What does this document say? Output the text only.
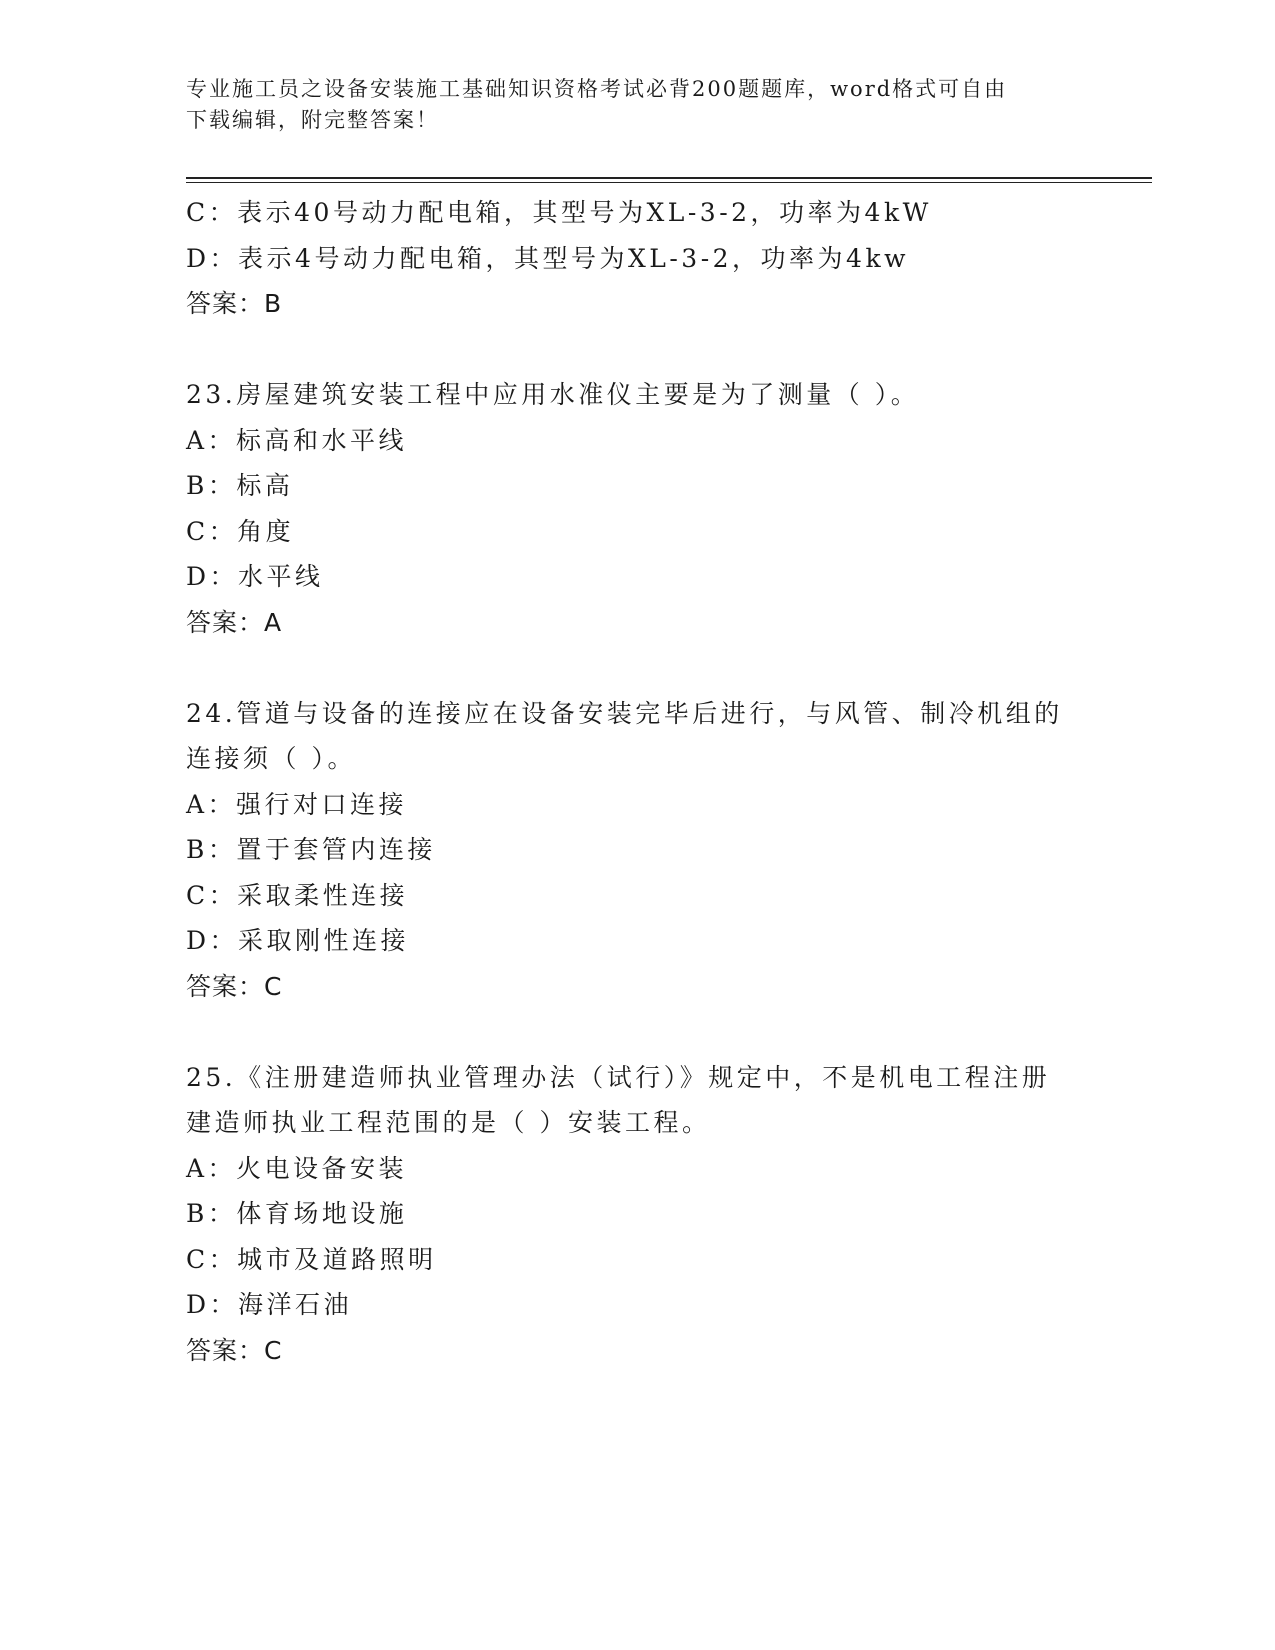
专业施工员之设备安装施工基础知识资格考试必背200题题库，word格式可自由
下载编辑，附完整答案！
C：表示40号动力配电箱，其型号为XL-3-2，功率为4kW
D：表示4号动力配电箱，其型号为XL-3-2，功率为4kw
答案：B
23.房屋建筑安装工程中应用水准仪主要是为了测量（ ）。
A：标高和水平线
B：标高
C：角度
D：水平线
答案：A
24.管道与设备的连接应在设备安装完毕后进行，与风管、制冷机组的
连接须（ ）。
A：强行对口连接
B：置于套管内连接
C：采取柔性连接
D：采取刚性连接
答案：C
25.《注册建造师执业管理办法（试行）》规定中，不是机电工程注册
建造师执业工程范围的是（ ）安装工程。
A：火电设备安装
B：体育场地设施
C：城市及道路照明
D：海洋石油
答案：C
